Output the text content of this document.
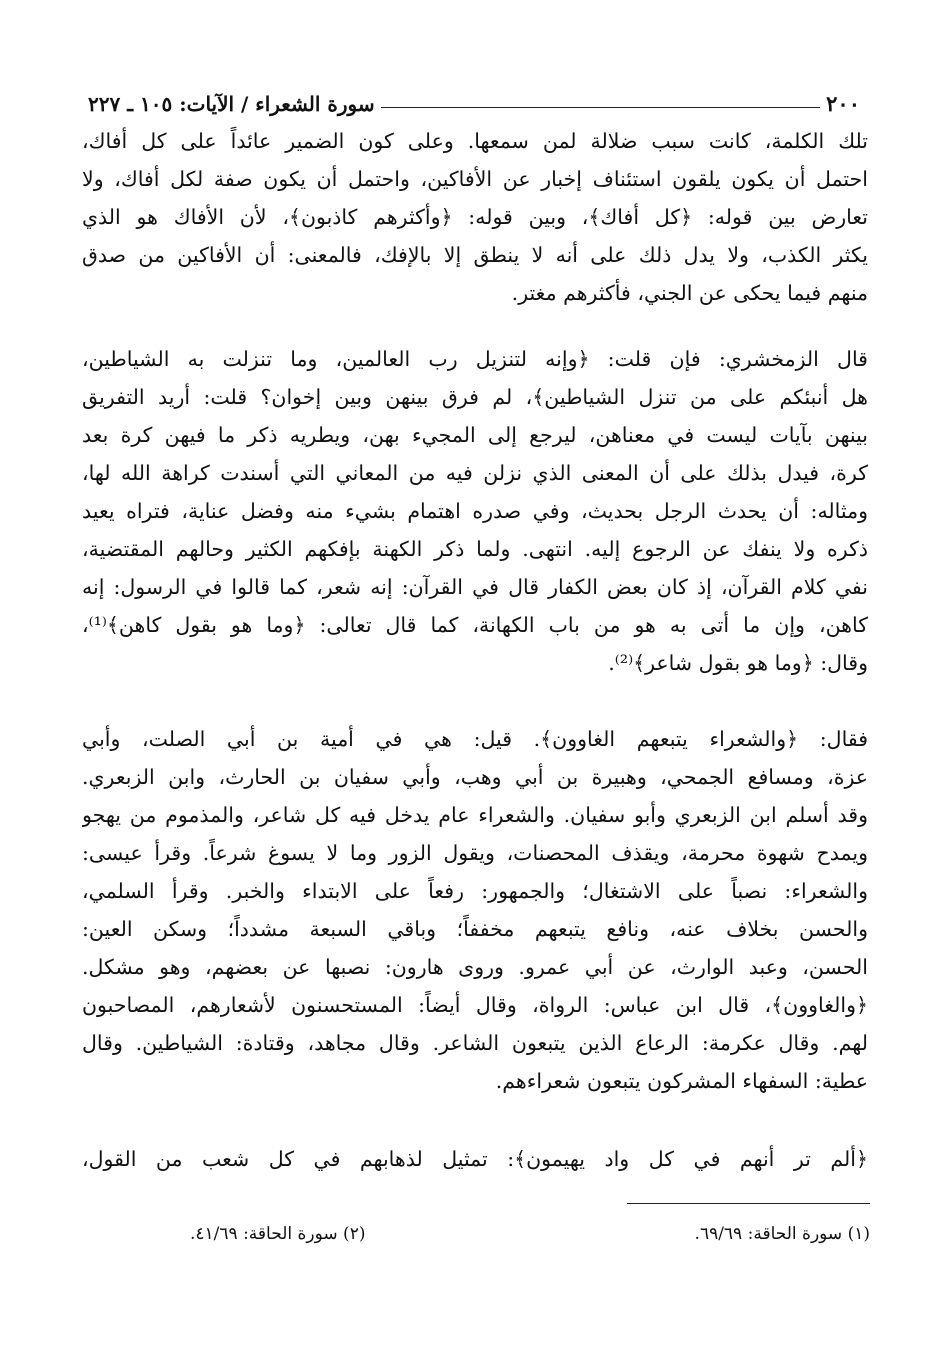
٢٠٠
سورة الشعراء / الآيات: ١٠٥ ـ ٢٢٧
تلك الكلمة، كانت سبب ضلالة لمن سمعها. وعلى كون الضمير عائداً على كل أفاك،
احتمل أن يكون يلقون استئناف إخبار عن الأفاكين، واحتمل أن يكون صفة لكل أفاك، ولا
تعارض بين قوله: ﴿كل أفاك﴾، وبين قوله: ﴿وأكثرهم كاذبون﴾، لأن الأفاك هو الذي
يكثر الكذب، ولا يدل ذلك على أنه لا ينطق إلا بالإفك، فالمعنى: أن الأفاكين من صدق
منهم فيما يحكى عن الجني، فأكثرهم مغتر.
قال الزمخشري: فإن قلت: ﴿وإنه لتنزيل رب العالمين، وما تنزلت به الشياطين،
هل أنبئكم على من تنزل الشياطين﴾، لم فرق بينهن وبين إخوان؟ قلت: أريد التفريق
بينهن بآيات ليست في معناهن، ليرجع إلى المجيء بهن، ويطريه ذكر ما فيهن كرة بعد
كرة، فيدل بذلك على أن المعنى الذي نزلن فيه من المعاني التي أسندت كراهة الله لها،
ومثاله: أن يحدث الرجل بحديث، وفي صدره اهتمام بشيء منه وفضل عناية، فتراه يعيد
ذكره ولا ينفك عن الرجوع إليه. انتهى. ولما ذكر الكهنة بإفكهم الكثير وحالهم المقتضية،
نفي كلام القرآن، إذ كان بعض الكفار قال في القرآن: إنه شعر، كما قالوا في الرسول: إنه
كاهن، وإن ما أتى به هو من باب الكهانة، كما قال تعالى: ﴿وما هو بقول كاهن﴾⁽¹⁾،
وقال: ﴿وما هو بقول شاعر﴾⁽²⁾.
فقال: ﴿والشعراء يتبعهم الغاوون﴾. قيل: هي في أمية بن أبي الصلت، وأبي
عزة، ومسافع الجمحي، وهبيرة بن أبي وهب، وأبي سفيان بن الحارث، وابن الزبعري.
وقد أسلم ابن الزبعري وأبو سفيان. والشعراء عام يدخل فيه كل شاعر، والمذموم من يهجو
ويمدح شهوة محرمة، ويقذف المحصنات، ويقول الزور وما لا يسوغ شرعاً. وقرأ عيسى:
والشعراء: نصباً على الاشتغال؛ والجمهور: رفعاً على الابتداء والخبر. وقرأ السلمي،
والحسن بخلاف عنه، ونافع يتبعهم مخففاً؛ وباقي السبعة مشدداً؛ وسكن العين:
الحسن، وعبد الوارث، عن أبي عمرو. وروى هارون: نصبها عن بعضهم، وهو مشكل.
﴿والغاوون﴾، قال ابن عباس: الرواة، وقال أيضاً: المستحسنون لأشعارهم، المصاحبون
لهم. وقال عكرمة: الرعاع الذين يتبعون الشاعر. وقال مجاهد، وقتادة: الشياطين. وقال
عطية: السفهاء المشركون يتبعون شعراءهم.
﴿ألم تر أنهم في كل واد يهيمون﴾: تمثيل لذهابهم في كل شعب من القول،
(١) سورة الحاقة: ٦٩/٦٩.
(٢) سورة الحاقة: ٤١/٦٩.
